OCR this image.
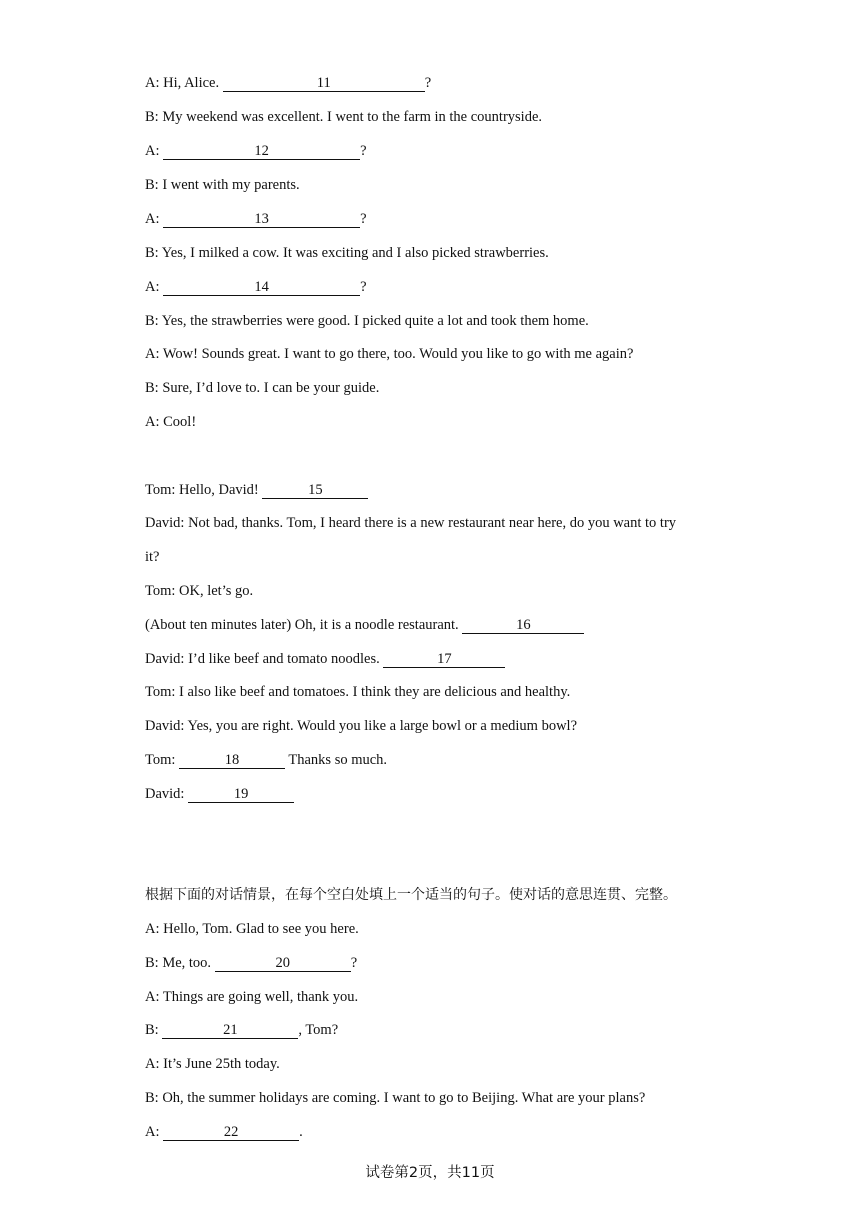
A: Hi, Alice.	11	?
B: My weekend was excellent. I went to the farm in the countryside.
A:	12	?
B: I went with my parents.
A:	13	?
B: Yes, I milked a cow. It was exciting and I also picked strawberries.
A:	14	?
B: Yes, the strawberries were good. I picked quite a lot and took them home.
A: Wow! Sounds great. I want to go there, too. Would you like to go with me again?
B: Sure, I’d love to. I can be your guide.
A: Cool!
Tom: Hello, David!	15
David: Not bad, thanks. Tom, I heard there is a new restaurant near here, do you want to try
it?
Tom: OK, let’s go.
(About ten minutes later) Oh, it is a noodle restaurant.	16
David: I’d like beef and tomato noodles.	17
Tom: I also like beef and tomatoes. I think they are delicious and healthy.
David: Yes, you are right. Would you like a large bowl or a medium bowl?
Tom:	18	Thanks so much.
David:	19
根据下面的对话情景，在每个空白处填上一个适当的句子。使对话的意思连贯、完整。
A: Hello, Tom. Glad to see you here.
B: Me, too.	20	?
A: Things are going well, thank you.
B:	21	, Tom?
A: It’s June 25th today.
B: Oh, the summer holidays are coming. I want to go to Beijing. What are your plans?
A:	22	.
试卷第2页，共11页
